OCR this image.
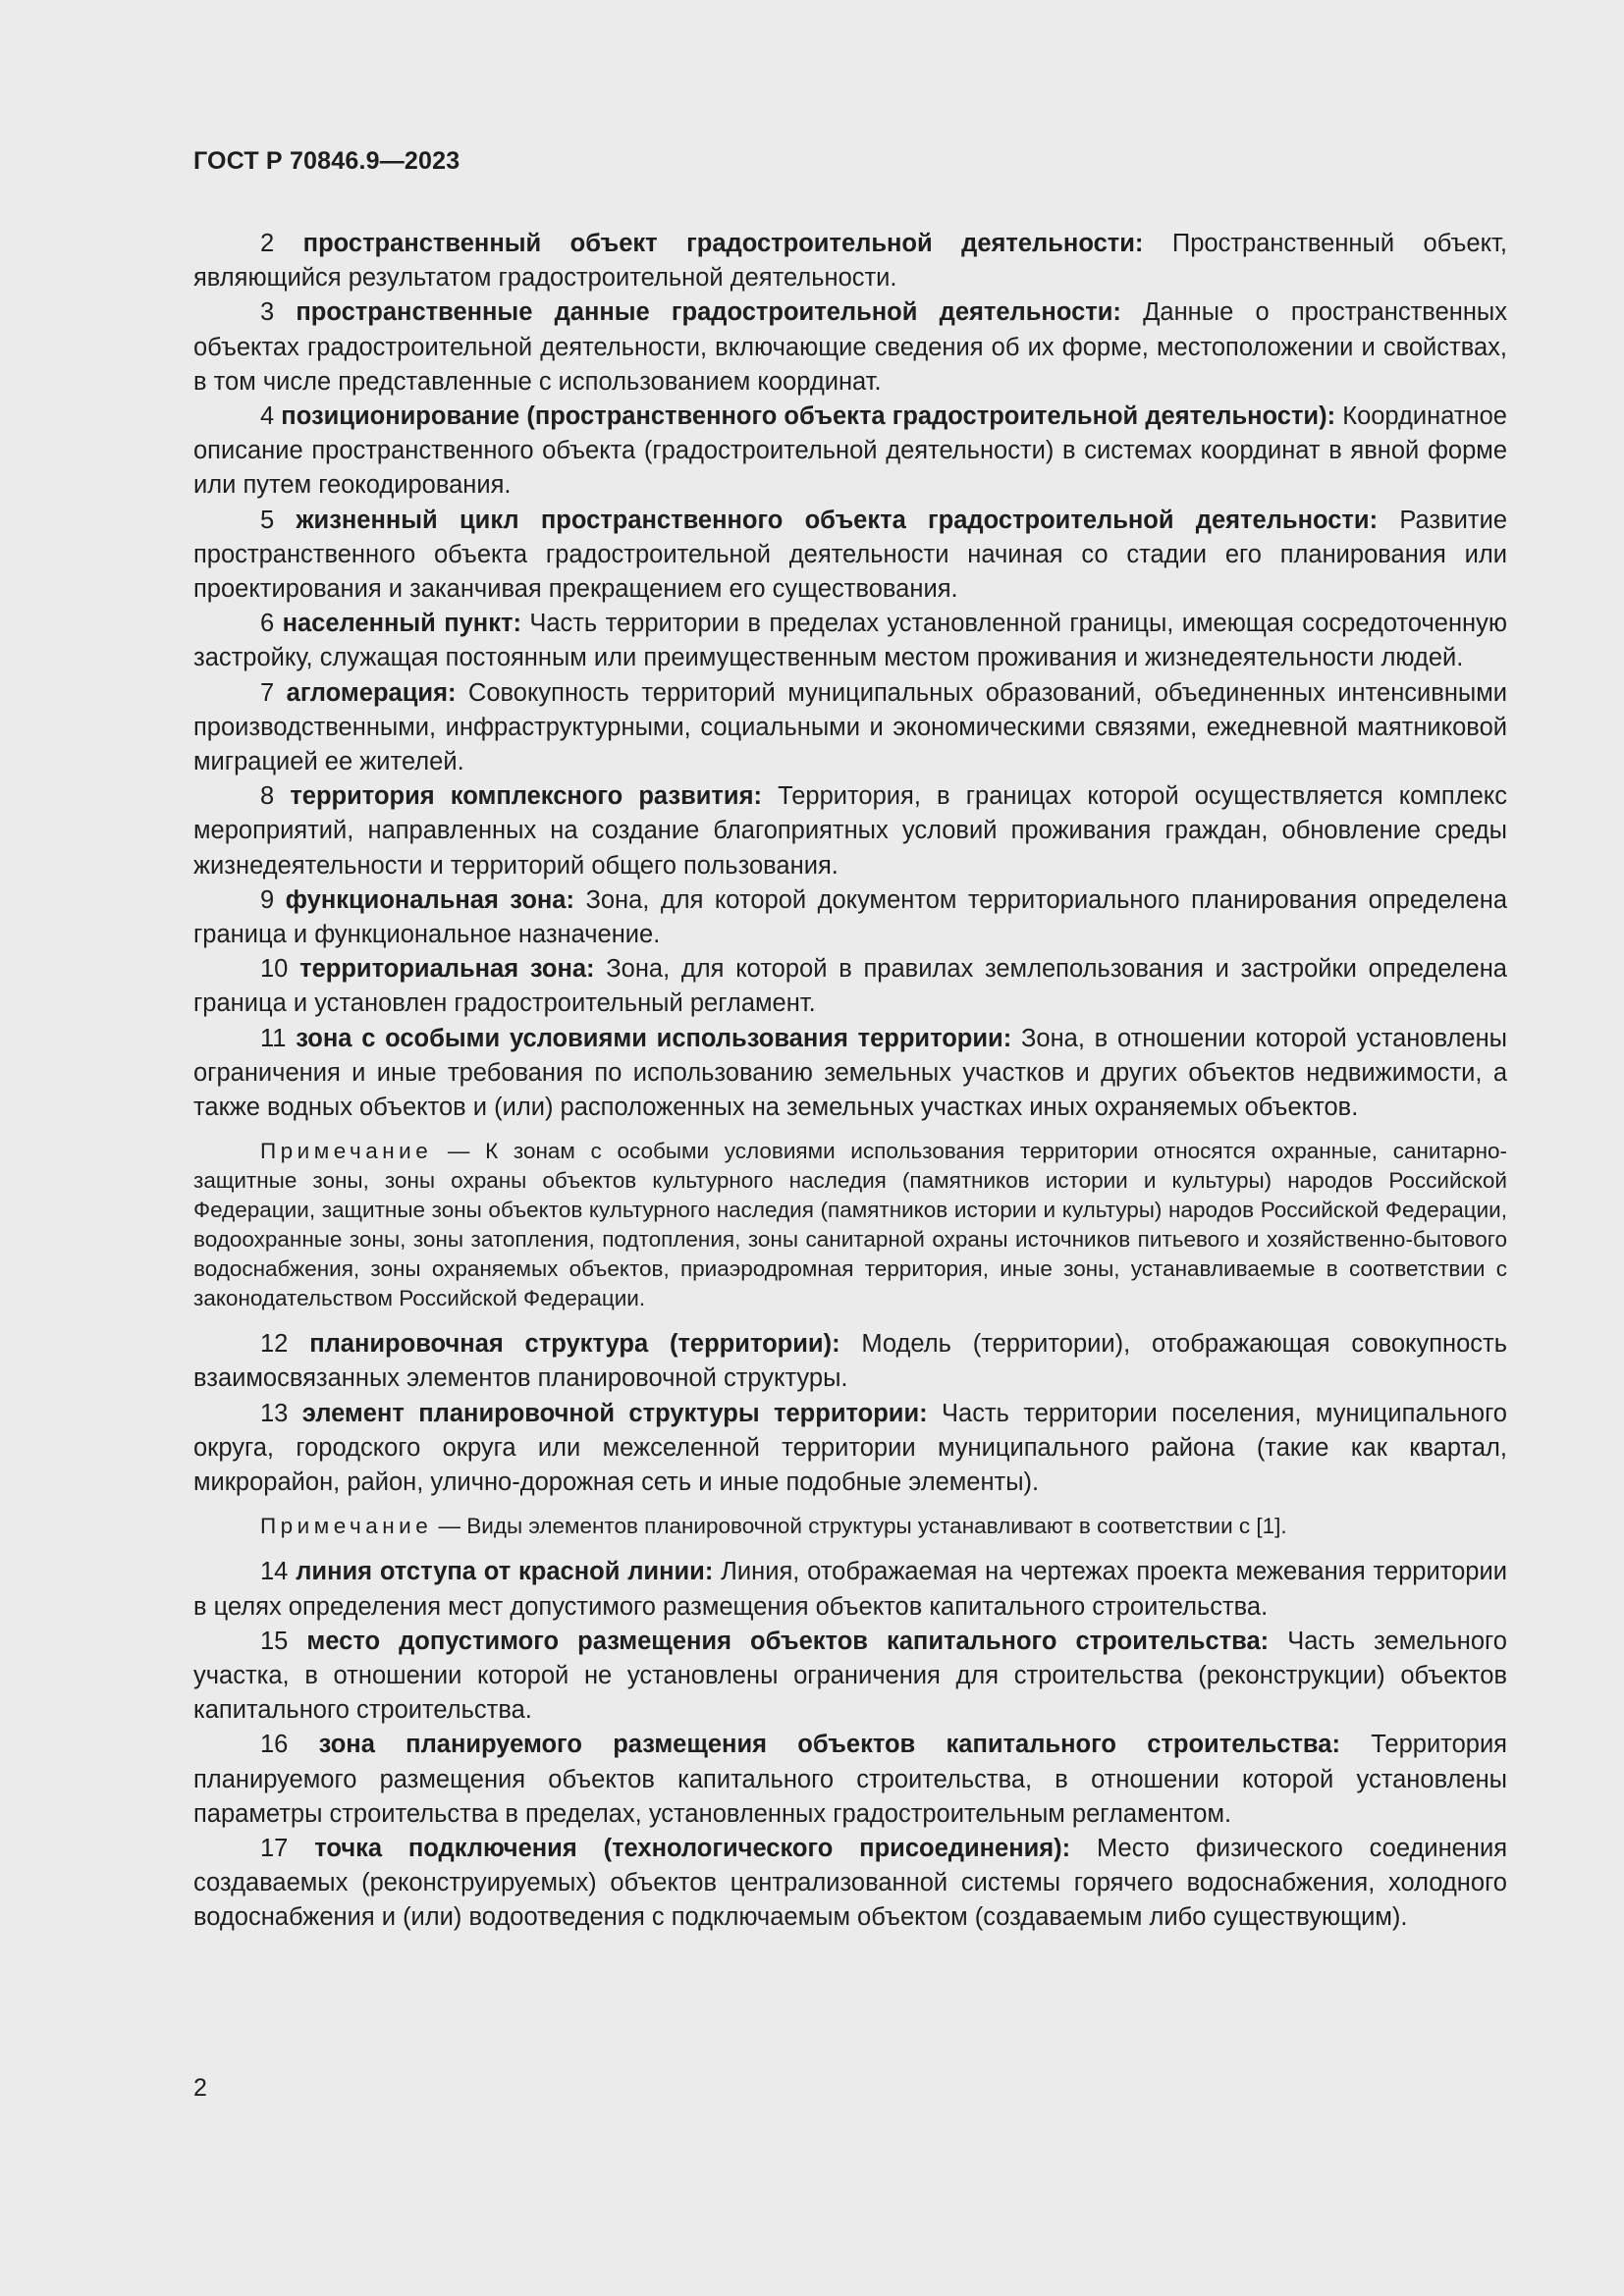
ГОСТ Р 70846.9—2023

2 пространственный объект градостроительной деятельности: Пространственный объект, являющийся результатом градостроительной деятельности.

3 пространственные данные градостроительной деятельности: Данные о пространственных объектах градостроительной деятельности, включающие сведения об их форме, местоположении и свойствах, в том числе представленные с использованием координат.

4 позиционирование (пространственного объекта градостроительной деятельности): Координатное описание пространственного объекта (градостроительной деятельности) в системах координат в явной форме или путем геокодирования.

5 жизненный цикл пространственного объекта градостроительной деятельности: Развитие пространственного объекта градостроительной деятельности начиная со стадии его планирования или проектирования и заканчивая прекращением его существования.

6 населенный пункт: Часть территории в пределах установленной границы, имеющая сосредоточенную застройку, служащая постоянным или преимущественным местом проживания и жизнедеятельности людей.

7 агломерация: Совокупность территорий муниципальных образований, объединенных интенсивными производственными, инфраструктурными, социальными и экономическими связями, ежедневной маятниковой миграцией ее жителей.

8 территория комплексного развития: Территория, в границах которой осуществляется комплекс мероприятий, направленных на создание благоприятных условий проживания граждан, обновление среды жизнедеятельности и территорий общего пользования.

9 функциональная зона: Зона, для которой документом территориального планирования определена граница и функциональное назначение.

10 территориальная зона: Зона, для которой в правилах землепользования и застройки определена граница и установлен градостроительный регламент.

11 зона с особыми условиями использования территории: Зона, в отношении которой установлены ограничения и иные требования по использованию земельных участков и других объектов недвижимости, а также водных объектов и (или) расположенных на земельных участках иных охраняемых объектов.

Примечание — К зонам с особыми условиями использования территории относятся охранные, санитарно-защитные зоны, зоны охраны объектов культурного наследия (памятников истории и культуры) народов Российской Федерации, защитные зоны объектов культурного наследия (памятников истории и культуры) народов Российской Федерации, водоохранные зоны, зоны затопления, подтопления, зоны санитарной охраны источников питьевого и хозяйственно-бытового водоснабжения, зоны охраняемых объектов, приаэродромная территория, иные зоны, устанавливаемые в соответствии с законодательством Российской Федерации.

12 планировочная структура (территории): Модель (территории), отображающая совокупность взаимосвязанных элементов планировочной структуры.

13 элемент планировочной структуры территории: Часть территории поселения, муниципального округа, городского округа или межселенной территории муниципального района (такие как квартал, микрорайон, район, улично-дорожная сеть и иные подобные элементы).

Примечание — Виды элементов планировочной структуры устанавливают в соответствии с [1].

14 линия отступа от красной линии: Линия, отображаемая на чертежах проекта межевания территории в целях определения мест допустимого размещения объектов капитального строительства.

15 место допустимого размещения объектов капитального строительства: Часть земельного участка, в отношении которой не установлены ограничения для строительства (реконструкции) объектов капитального строительства.

16 зона планируемого размещения объектов капитального строительства: Территория планируемого размещения объектов капитального строительства, в отношении которой установлены параметры строительства в пределах, установленных градостроительным регламентом.

17 точка подключения (технологического присоединения): Место физического соединения создаваемых (реконструируемых) объектов централизованной системы горячего водоснабжения, холодного водоснабжения и (или) водоотведения с подключаемым объектом (создаваемым либо существующим).

2
